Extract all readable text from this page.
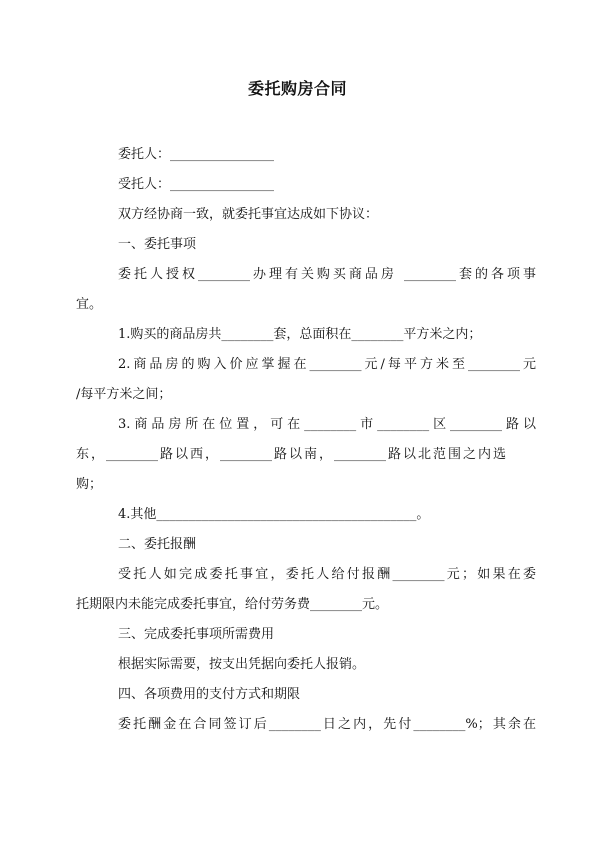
委托购房合同
委托人：________________
受托人：________________
双方经协商一致，就委托事宜达成如下协议：
一、委托事项
委托人授权________办理有关购买商品房 ________套的各项事
宜。
1.购买的商品房共________套，总面积在________平方米之内；
2.商品房的购入价应掌握在________元/每平方米至________元
/每平方米之间；
3.商品房所在位置，可在________市________区________路以
东，________路以西，________路以南，________路以北范围之内选
购；
4.其他________________________________________。
二、委托报酬
受托人如完成委托事宜，委托人给付报酬________元；如果在委
托期限内未能完成委托事宜，给付劳务费________元。
三、完成委托事项所需费用
根据实际需要，按支出凭据向委托人报销。
四、各项费用的支付方式和期限
委托酬金在合同签订后________日之内，先付________%；其余在
